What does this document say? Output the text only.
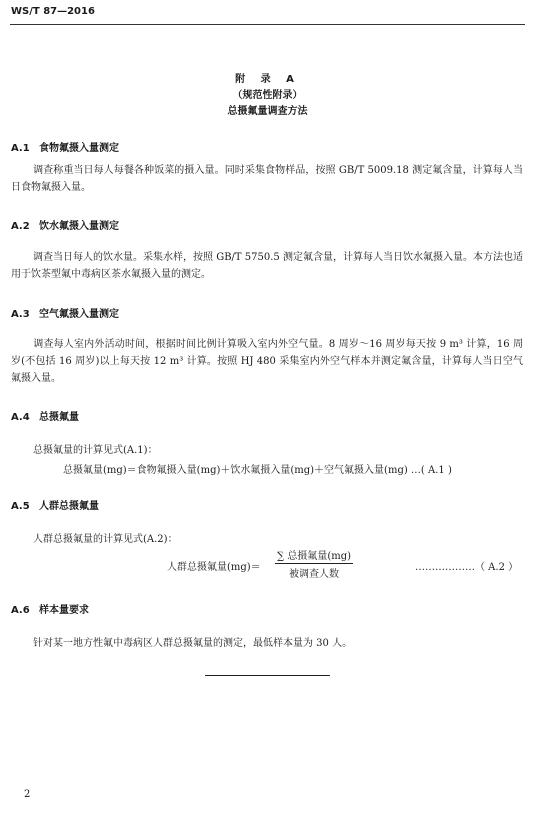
WS/T 87—2016
附 录 A
（规范性附录）
总摄氟量调查方法
A.1 食物氟摄入量测定
调查称重当日每人每餐各种饭菜的摄入量。同时采集食物样品，按照 GB/T 5009.18 测定氟含量，计算每人当日食物氟摄入量。
A.2 饮水氟摄入量测定
调查当日每人的饮水量。采集水样，按照 GB/T 5750.5 测定氟含量，计算每人当日饮水氟摄入量。本方法也适用于饮茶型氟中毒病区茶水氟摄入量的测定。
A.3 空气氟摄入量测定
调查每人室内外活动时间，根据时间比例计算吸入室内外空气量。8 周岁～16 周岁每天按 9 m³ 计算，16 周岁(不包括 16 周岁)以上每天按 12 m³ 计算。按照 HJ 480 采集室内外空气样本并测定氟含量，计算每人当日空气氟摄入量。
A.4 总摄氟量
总摄氟量的计算见式(A.1)：
总摄氟量(mg)＝食物氟摄入量(mg)＋饮水氟摄入量(mg)＋空气氟摄入量(mg) …( A.1 )
A.5 人群总摄氟量
人群总摄氟量的计算见式(A.2)：
人群总摄氟量(mg)＝
∑ 总摄氟量(mg)
被调查人数
………………（ A.2 ）
A.6 样本量要求
针对某一地方性氟中毒病区人群总摄氟量的测定，最低样本量为 30 人。
2
